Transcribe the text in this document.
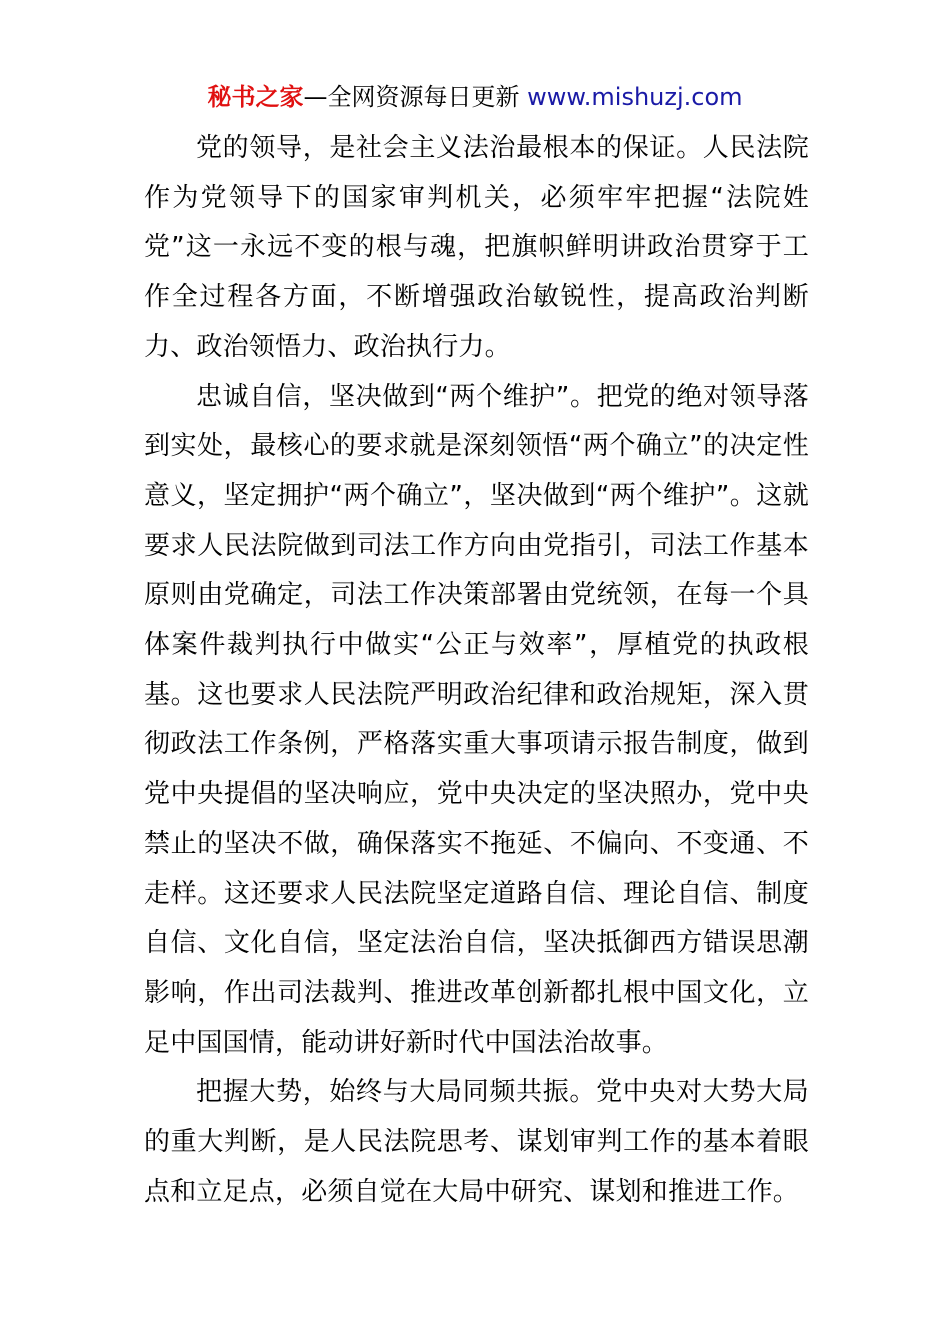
秘书之家—全网资源每日更新 www.mishuzj.com

党的领导，是社会主义法治最根本的保证。人民法院作为党领导下的国家审判机关，必须牢牢把握“法院姓党”这一永远不变的根与魂，把旗帜鲜明讲政治贯穿于工作全过程各方面，不断增强政治敏锐性，提高政治判断力、政治领悟力、政治执行力。

忠诚自信，坚决做到“两个维护”。把党的绝对领导落到实处，最核心的要求就是深刻领悟“两个确立”的决定性意义，坚定拥护“两个确立”，坚决做到“两个维护”。这就要求人民法院做到司法工作方向由党指引，司法工作基本原则由党确定，司法工作决策部署由党统领，在每一个具体案件裁判执行中做实“公正与效率”，厚植党的执政根基。这也要求人民法院严明政治纪律和政治规矩，深入贯彻政法工作条例，严格落实重大事项请示报告制度，做到党中央提倡的坚决响应，党中央决定的坚决照办，党中央禁止的坚决不做，确保落实不拖延、不偏向、不变通、不走样。这还要求人民法院坚定道路自信、理论自信、制度自信、文化自信，坚定法治自信，坚决抵御西方错误思潮影响，作出司法裁判、推进改革创新都扎根中国文化，立足中国国情，能动讲好新时代中国法治故事。

把握大势，始终与大局同频共振。党中央对大势大局的重大判断，是人民法院思考、谋划审判工作的基本着眼点和立足点，必须自觉在大局中研究、谋划和推进工作。
